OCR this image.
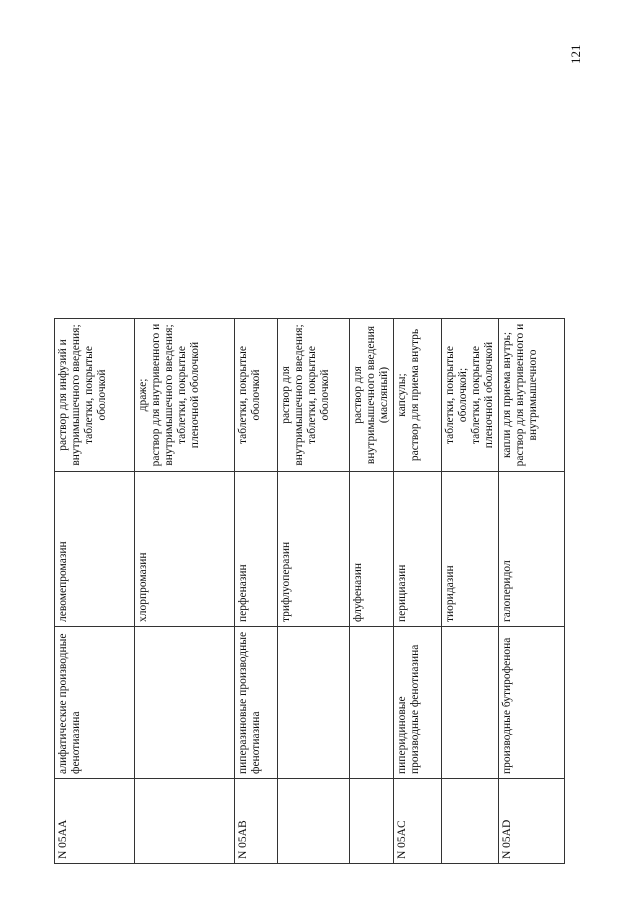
121
N 05AA	алифатические производные фенотиазина	левомепромазин	раствор для инфузий и внутримышечного введения; таблетки, покрытые оболочкой

		хлорпромазин	драже; раствор для внутривенного и внутримышечного введения; таблетки, покрытые пленочной оболочкой

N 05AB	пиперазиновые производные фенотиазина	перфеназин	таблетки, покрытые оболочкой

		трифлуоперазин	раствор для внутримышечного введения; таблетки, покрытые оболочкой

		флуфеназин	раствор для внутримышечного введения (масляный)

N 05AC	пиперидиновые производные фенотиазина	перициазин	капсулы; раствор для приема внутрь

		тиоридазин	таблетки, покрытые оболочкой; таблетки, покрытые пленочной оболочкой

N 05AD	производные бутирофенона	галоперидол	капли для приема внутрь; раствор для внутривенного и внутримышечного
